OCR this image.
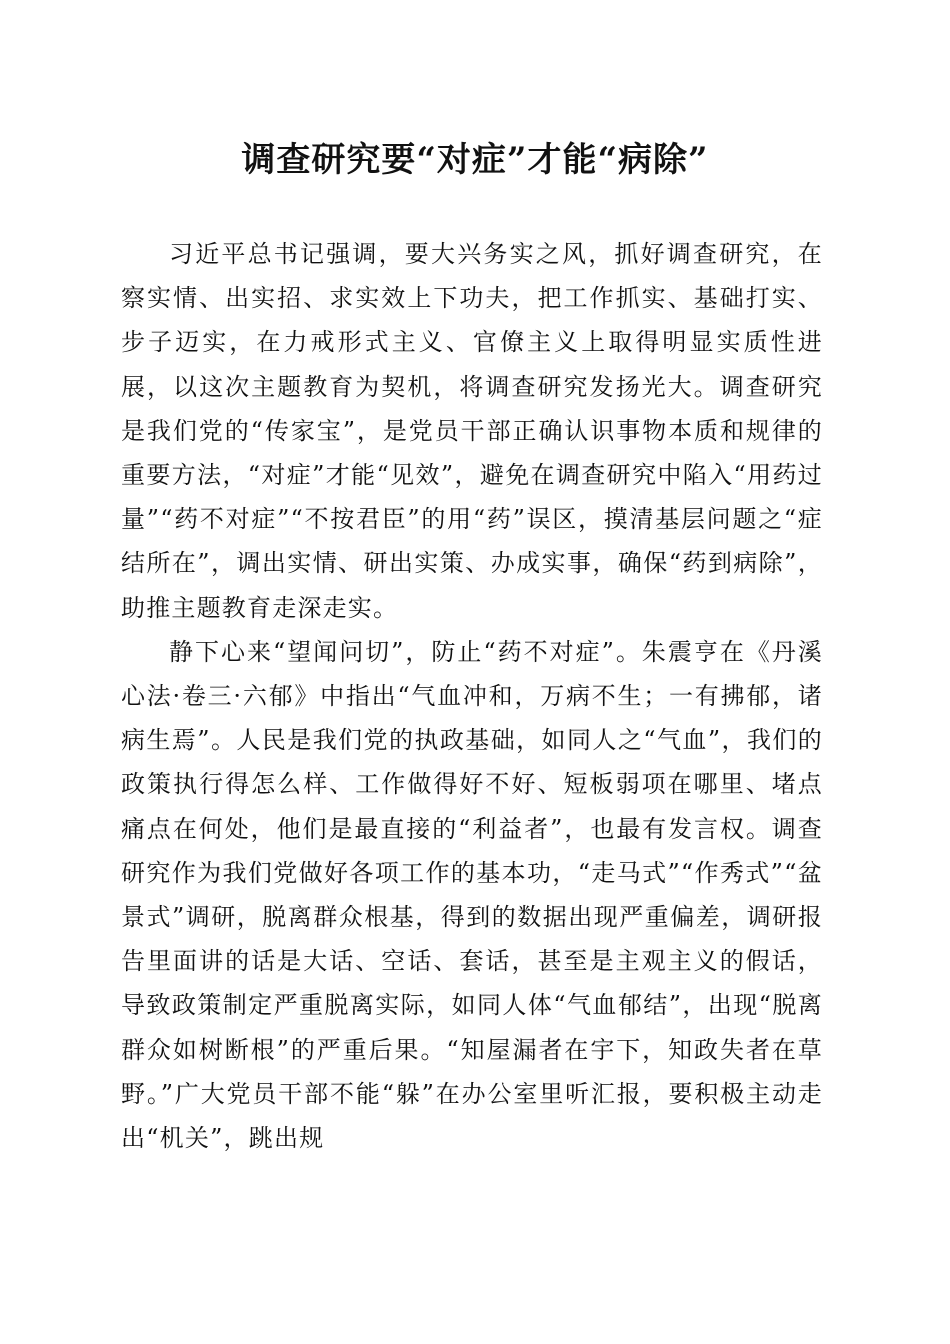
调查研究要“对症”才能“病除”

习近平总书记强调，要大兴务实之风，抓好调查研究，在察实情、出实招、求实效上下功夫，把工作抓实、基础打实、步子迈实，在力戒形式主义、官僚主义上取得明显实质性进展，以这次主题教育为契机，将调查研究发扬光大。调查研究是我们党的“传家宝”，是党员干部正确认识事物本质和规律的重要方法，“对症”才能“见效”，避免在调查研究中陷入“用药过量”“药不对症”“不按君臣”的用“药”误区，摸清基层问题之“症结所在”，调出实情、研出实策、办成实事，确保“药到病除”，助推主题教育走深走实。

静下心来“望闻问切”，防止“药不对症”。朱震亨在《丹溪心法·卷三·六郁》中指出“气血冲和，万病不生；一有拂郁，诸病生焉”。人民是我们党的执政基础，如同人之“气血”，我们的政策执行得怎么样、工作做得好不好、短板弱项在哪里、堵点痛点在何处，他们是最直接的“利益者”，也最有发言权。调查研究作为我们党做好各项工作的基本功，“走马式”“作秀式”“盆景式”调研，脱离群众根基，得到的数据出现严重偏差，调研报告里面讲的话是大话、空话、套话，甚至是主观主义的假话，导致政策制定严重脱离实际，如同人体“气血郁结”，出现“脱离群众如树断根”的严重后果。“知屋漏者在宇下，知政失者在草野。”广大党员干部不能“躲”在办公室里听汇报，要积极主动走出“机关”，跳出规
